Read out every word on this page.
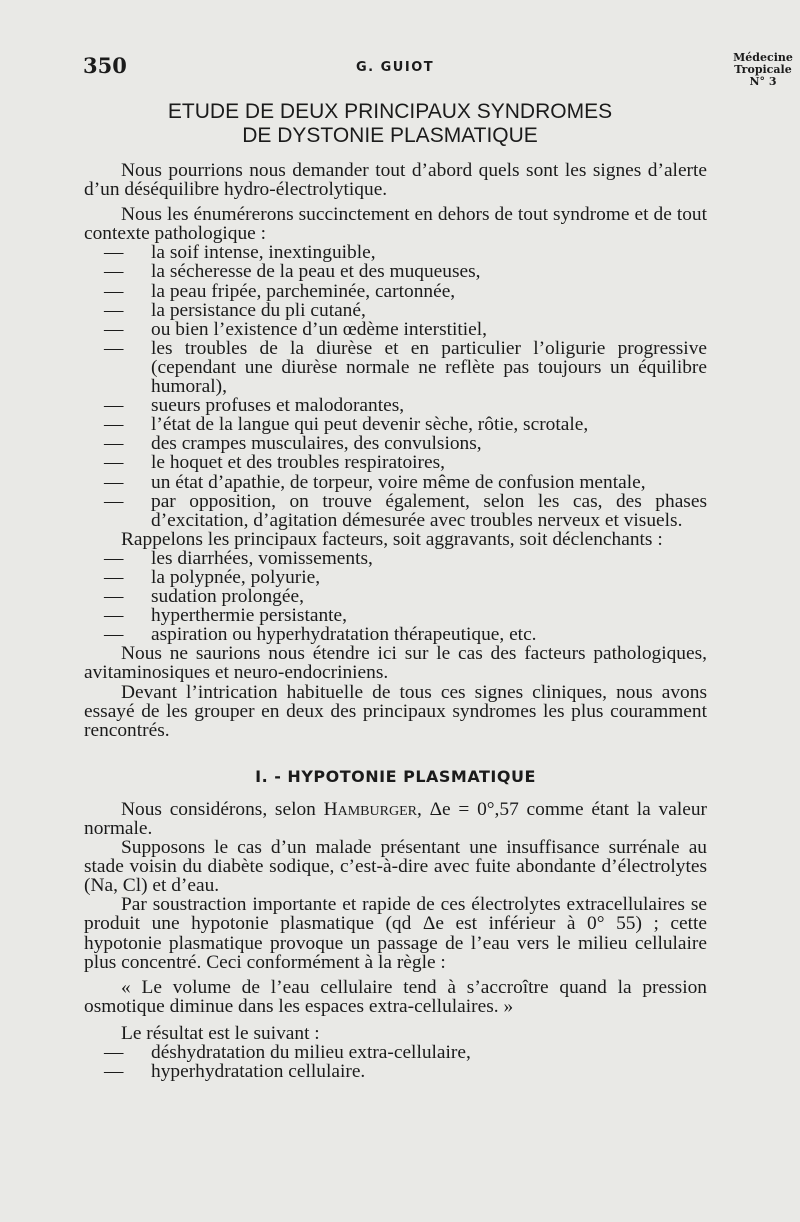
350	G. GUIOT
Médecine
Tropicale
N° 3
ETUDE DE DEUX PRINCIPAUX SYNDROMES
DE DYSTONIE PLASMATIQUE

Nous pourrions nous demander tout d’abord quels sont les signes d’alerte d’un déséquilibre hydro-électrolytique.

Nous les énumérerons succinctement en dehors de tout syndrome et de tout contexte pathologique :

— la soif intense, inextinguible,
— la sécheresse de la peau et des muqueuses,
— la peau fripée, parcheminée, cartonnée,
— la persistance du pli cutané,
— ou bien l’existence d’un œdème interstitiel,
— les troubles de la diurèse et en particulier l’oligurie progressive (cependant une diurèse normale ne reflète pas toujours un équilibre humoral),
— sueurs profuses et malodorantes,
— l’état de la langue qui peut devenir sèche, rôtie, scrotale,
— des crampes musculaires, des convulsions,
— le hoquet et des troubles respiratoires,
— un état d’apathie, de torpeur, voire même de confusion mentale,
— par opposition, on trouve également, selon les cas, des phases d’excitation, d’agitation démesurée avec troubles nerveux et visuels.

Rappelons les principaux facteurs, soit aggravants, soit déclenchants :

— les diarrhées, vomissements,
— la polypnée, polyurie,
— sudation prolongée,
— hyperthermie persistante,
— aspiration ou hyperhydratation thérapeutique, etc.

Nous ne saurions nous étendre ici sur le cas des facteurs pathologiques, avitaminosiques et neuro-endocriniens.

Devant l’intrication habituelle de tous ces signes cliniques, nous avons essayé de les grouper en deux des principaux syndromes les plus couramment rencontrés.

I. - HYPOTONIE PLASMATIQUE

Nous considérons, selon Hamburger, Δe = 0°,57 comme étant la valeur normale.

Supposons le cas d’un malade présentant une insuffisance surrénale au stade voisin du diabète sodique, c’est-à-dire avec fuite abondante d’électrolytes (Na, Cl) et d’eau.

Par soustraction importante et rapide de ces électrolytes extracellulaires se produit une hypotonie plasmatique (qd Δe est inférieur à 0° 55) ; cette hypotonie plasmatique provoque un passage de l’eau vers le milieu cellulaire plus concentré. Ceci conformément à la règle :

« Le volume de l’eau cellulaire tend à s’accroître quand la pression osmotique diminue dans les espaces extra-cellulaires. »

Le résultat est le suivant :

— déshydratation du milieu extra-cellulaire,
— hyperhydratation cellulaire.
